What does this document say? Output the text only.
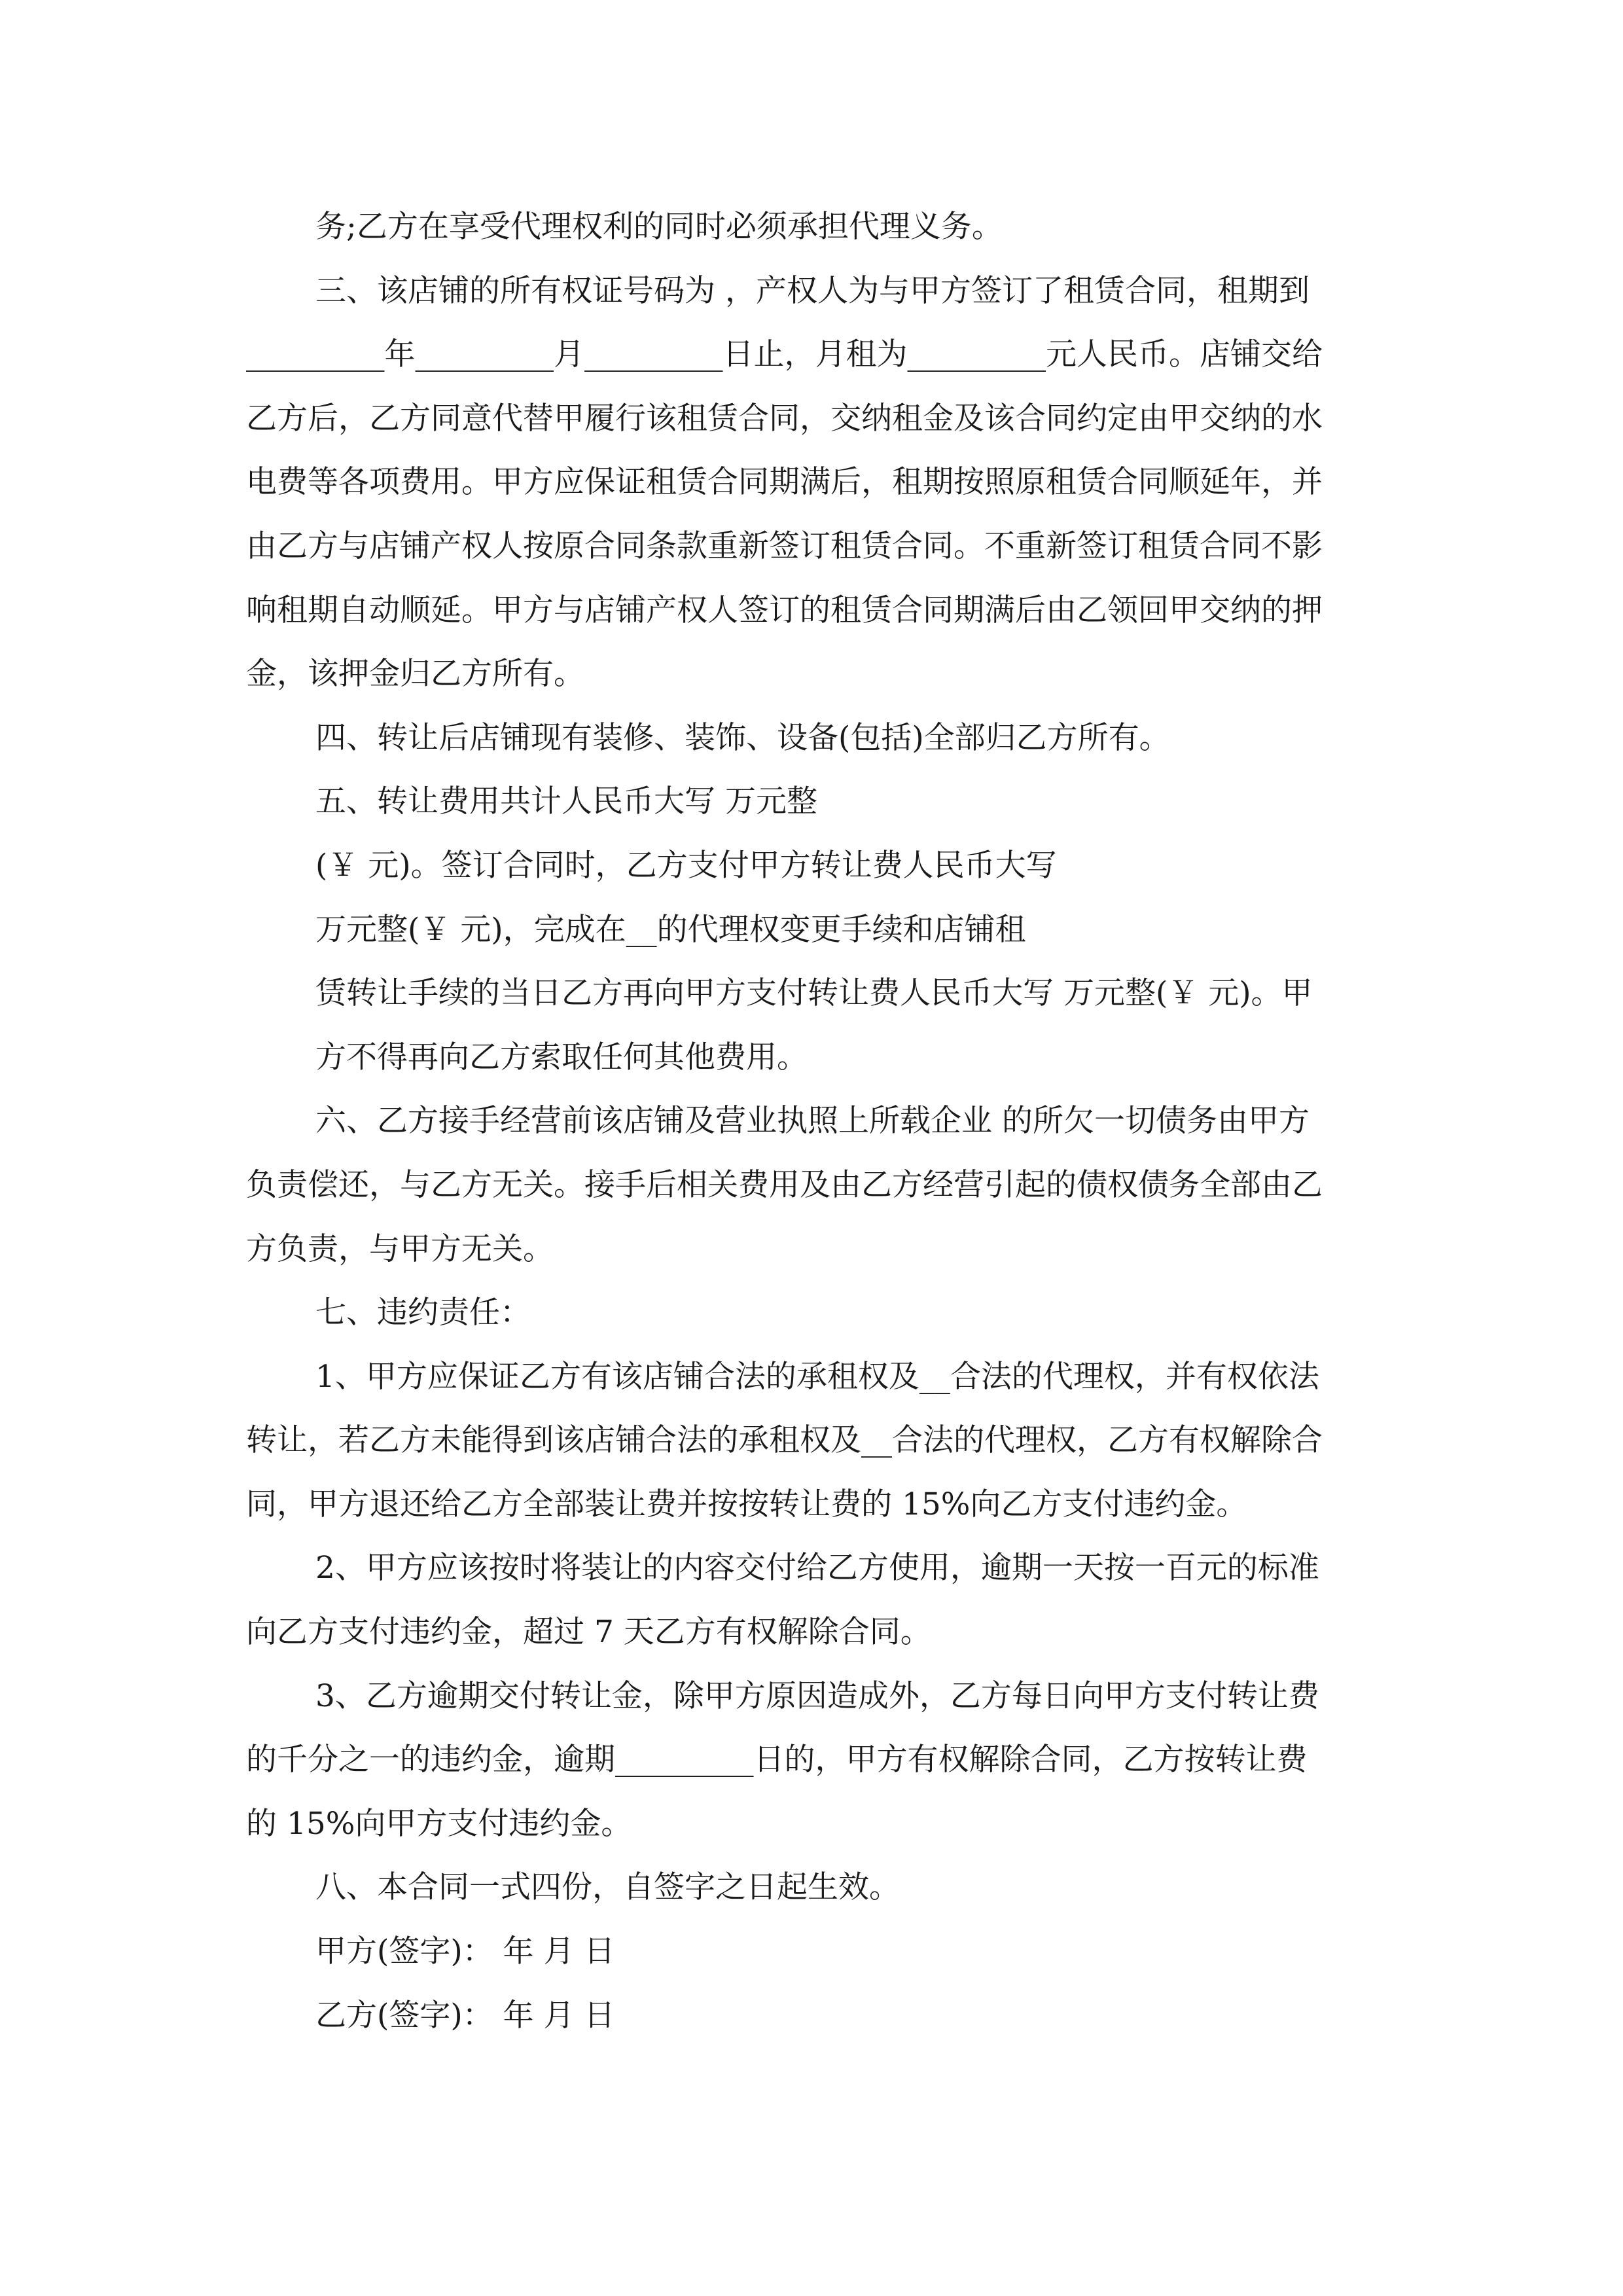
务;乙方在享受代理权利的同时必须承担代理义务。
三、该店铺的所有权证号码为 ，产权人为与甲方签订了租赁合同，租期到
_________年_________月_________日止，月租为_________元人民币。店铺交给
乙方后，乙方同意代替甲履行该租赁合同，交纳租金及该合同约定由甲交纳的水
电费等各项费用。甲方应保证租赁合同期满后，租期按照原租赁合同顺延年，并
由乙方与店铺产权人按原合同条款重新签订租赁合同。不重新签订租赁合同不影
响租期自动顺延。甲方与店铺产权人签订的租赁合同期满后由乙领回甲交纳的押
金，该押金归乙方所有。
四、转让后店铺现有装修、装饰、设备(包括)全部归乙方所有。
五、转让费用共计人民币大写 万元整
(￥ 元)。签订合同时，乙方支付甲方转让费人民币大写
万元整(￥ 元)，完成在__的代理权变更手续和店铺租
赁转让手续的当日乙方再向甲方支付转让费人民币大写 万元整(￥ 元)。甲
方不得再向乙方索取任何其他费用。
六、乙方接手经营前该店铺及营业执照上所载企业 的所欠一切债务由甲方
负责偿还，与乙方无关。接手后相关费用及由乙方经营引起的债权债务全部由乙
方负责，与甲方无关。
七、违约责任：
1、甲方应保证乙方有该店铺合法的承租权及__合法的代理权，并有权依法
转让，若乙方未能得到该店铺合法的承租权及__合法的代理权，乙方有权解除合
同，甲方退还给乙方全部装让费并按按转让费的 15%向乙方支付违约金。
2、甲方应该按时将装让的内容交付给乙方使用，逾期一天按一百元的标准
向乙方支付违约金，超过 7 天乙方有权解除合同。
3、乙方逾期交付转让金，除甲方原因造成外，乙方每日向甲方支付转让费
的千分之一的违约金，逾期_________日的，甲方有权解除合同，乙方按转让费
的 15%向甲方支付违约金。
八、本合同一式四份，自签字之日起生效。
甲方(签字)： 年 月 日
乙方(签字)： 年 月 日
